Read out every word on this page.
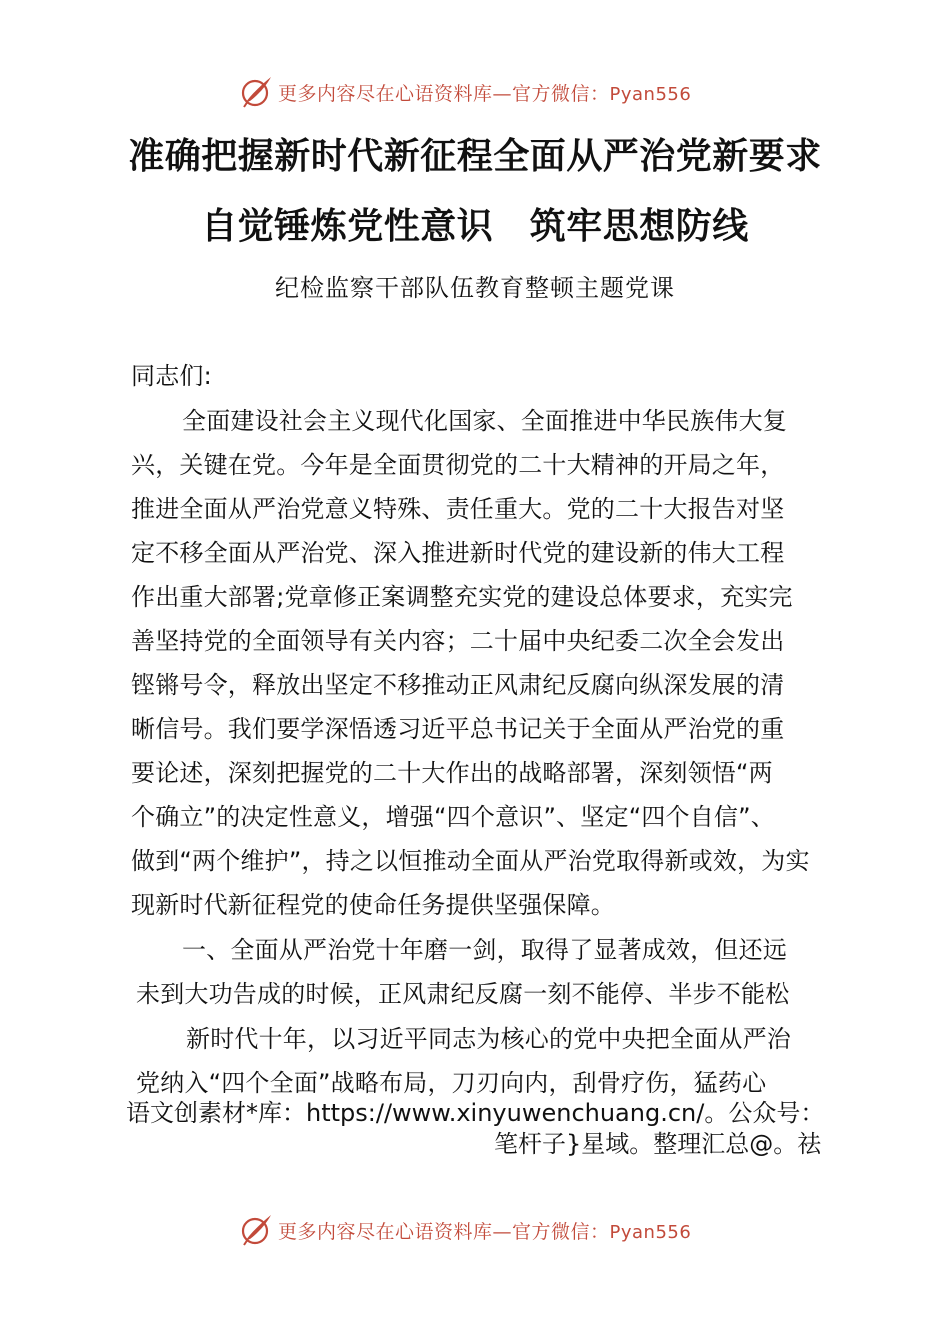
更多内容尽在心语资料库—官方微信：Pyan556
准确把握新时代新征程全面从严治党新要求
自觉锤炼党性意识　筑牢思想防线
纪检监察干部队伍教育整顿主题党课
同志们:
全面建设社会主义现代化国家、全面推进中华民族伟大复
兴，关键在党。今年是全面贯彻党的二十大精神的开局之年，
推进全面从严治党意义特殊、责任重大。党的二十大报告对坚
定不移全面从严治党、深入推进新时代党的建设新的伟大工程
作出重大部署;党章修正案调整充实党的建设总体要求，充实完
善坚持党的全面领导有关内容；二十届中央纪委二次全会发出
铿锵号令，释放出坚定不移推动正风肃纪反腐向纵深发展的清
晰信号。我们要学深悟透习近平总书记关于全面从严治党的重
要论述，深刻把握党的二十大作出的战略部署，深刻领悟“两
个确立”的决定性意义，增强“四个意识”、坚定“四个自信”、
做到“两个维护”，持之以恒推动全面从严治党取得新或效，为实
现新时代新征程党的使命任务提供坚强保障。
一、全面从严治党十年磨一剑，取得了显著成效，但还远
未到大功告成的时候，正风肃纪反腐一刻不能停、半步不能松
新时代十年，以习近平同志为核心的党中央把全面从严治
党纳入“四个全面”战略布局，刀刃向内，刮骨疗伤，猛药心
语文创素材*库：https://www.xinyuwenchuang.cn/。公众号：
笔杆子}星域。整理汇总@。祛
更多内容尽在心语资料库—官方微信：Pyan556
